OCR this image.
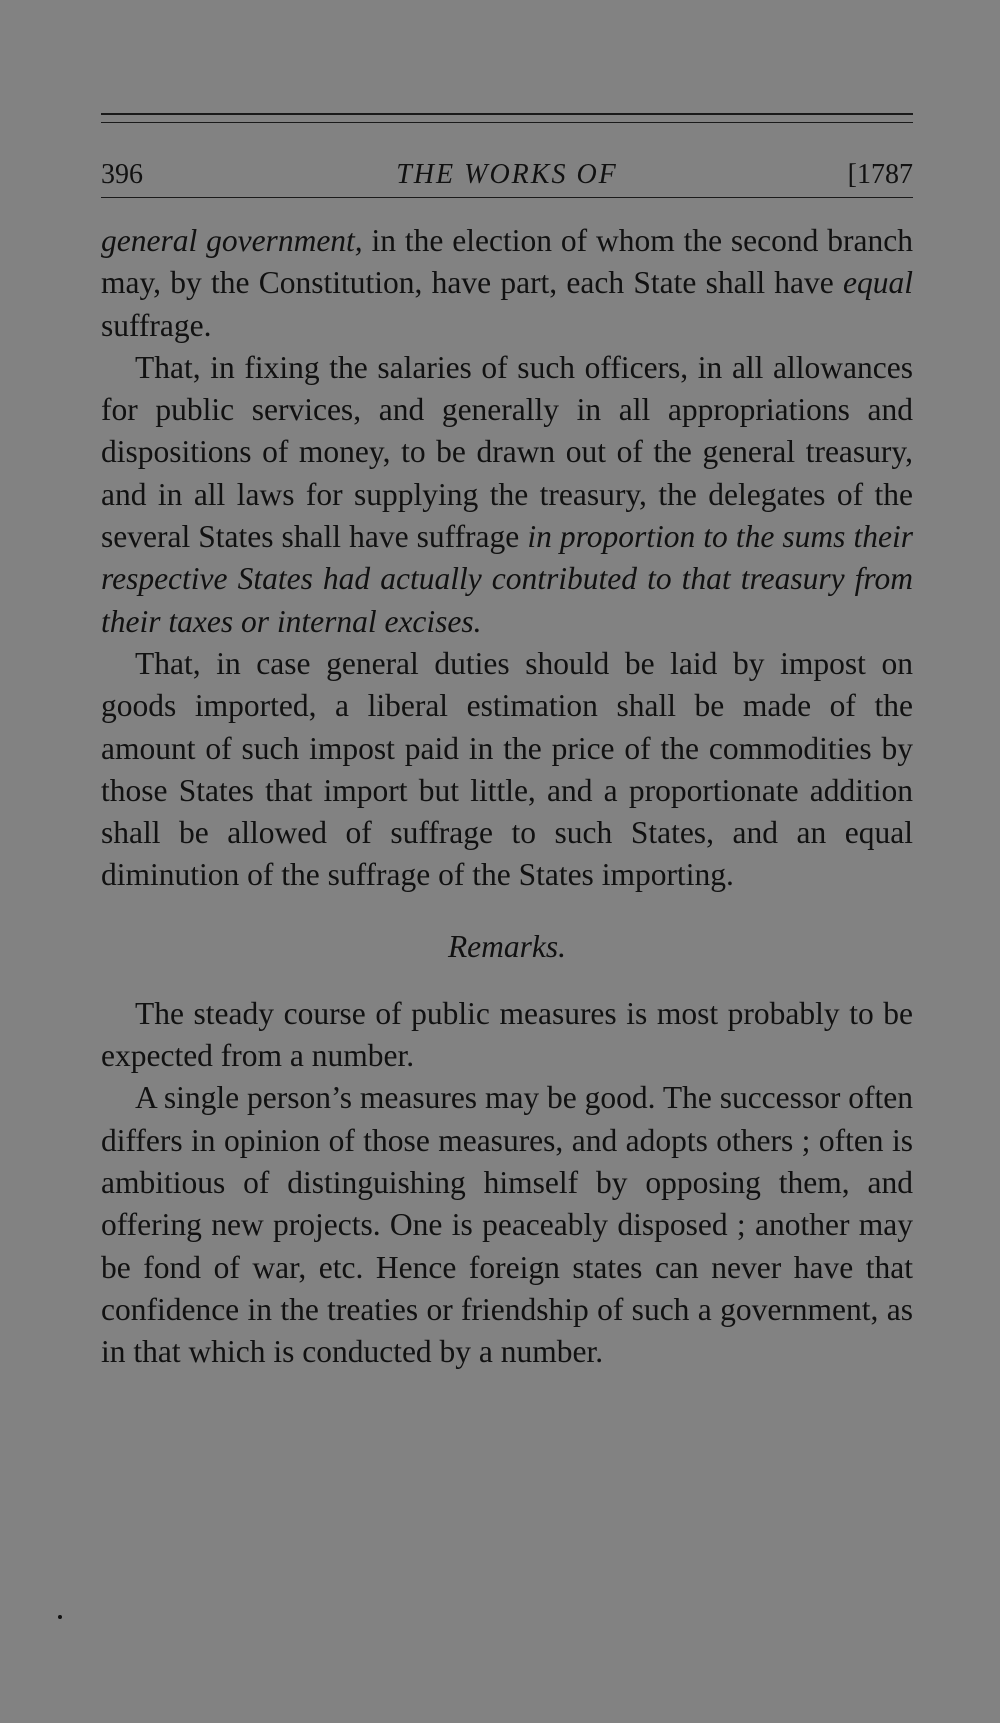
396	THE WORKS OF	[1787

general government, in the election of whom the second branch may, by the Constitution, have part, each State shall have equal suffrage.

That, in fixing the salaries of such officers, in all allowances for public services, and generally in all appropriations and dispositions of money, to be drawn out of the general treasury, and in all laws for supplying the treasury, the delegates of the several States shall have suffrage in proportion to the sums their respective States had actually contributed to that treasury from their taxes or internal excises.

That, in case general duties should be laid by impost on goods imported, a liberal estimation shall be made of the amount of such impost paid in the price of the commodities by those States that import but little, and a proportionate addition shall be allowed of suffrage to such States, and an equal diminution of the suffrage of the States importing.

Remarks.

The steady course of public measures is most probably to be expected from a number.

A single person’s measures may be good. The successor often differs in opinion of those measures, and adopts others ; often is ambitious of distinguishing himself by opposing them, and offering new projects. One is peaceably disposed ; another may be fond of war, etc. Hence foreign states can never have that confidence in the treaties or friendship of such a government, as in that which is conducted by a number.
